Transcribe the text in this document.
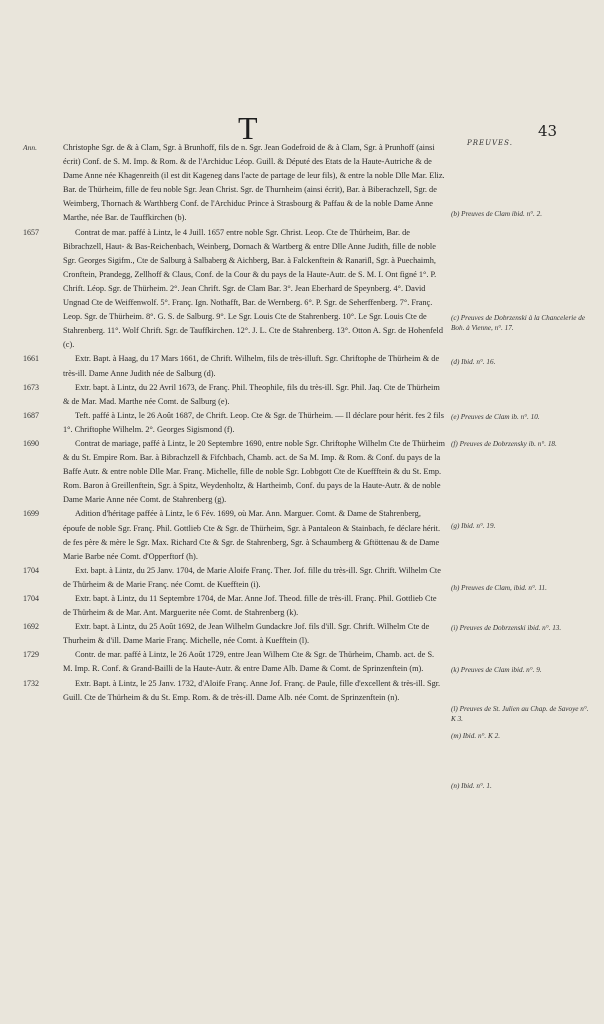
T	43
PREUVES.
Ann.	Christophe Sgr. de & à Clam, Sgr. à Brunhoff, fils de n. Sgr. Jean Godefroid de & à Clam, Sgr. à Prunhoff (ainsi écrit) Conf. de S. M. Imp. & Rom. & de l'Archiduc Léop. Guill. & Député des Etats de la Haute-Autriche & de Dame Anne née Khagenreith (il est dit Kageneg dans l'acte de partage de leur fils), & entre la noble Dlle Mar. Eliz. Bar. de Thürheim, fille de feu noble Sgr. Jean Christ. Sgr. de Thurnheim (ainsi écrit), Bar. à Biberachzell, Sgr. de Weimberg, Thornach & Warthberg Conf. de l'Archiduc Prince à Strasbourg & Paffau & de la noble Dame Anne Marthe, née Bar. de Tauffkirchen (b).
1657	Contrat de mar. paffé à Lintz, le 4 Juill. 1657 entre noble Sgr. Christ. Leop. Cte de Thürheim, Bar. de Bibrachzell, Haut- & Bas-Reichenbach, Weinberg, Dornach & Wartberg & entre Dlle Anne Judith, fille de noble Sgr. Georges Sigifm., Cte de Salburg à Salbaberg & Aichberg, Bar. à Falckenftein & Ranariſl, Sgr. à Puechaimh, Cronftein, Prandegg, Zellhoff & Claus, Conf. de la Cour & du pays de la Haute-Autr. de S. M. I. Ont figné 1°. P. Chrift. Léop. Sgr. de Thürheim. 2°. Jean Chrift. Sgr. de Clam Bar. 3°. Jean Eberhard de Speynberg. 4°. David Ungnad Cte de Weiffenwolf. 5°. Franç. Ign. Nothafft, Bar. de Wernberg. 6°. P. Sgr. de Seherffenberg. 7°. Franç. Leop. Sgr. de Thürheim. 8°. G. S. de Salburg. 9°. Le Sgr. Louis Cte de Stahrenberg. 10°. Le Sgr. Louis Cte de Stahrenberg. 11°. Wolf Chrift. Sgr. de Tauffkirchen. 12°. J. L. Cte de Stahrenberg. 13°. Otton A. Sgr. de Hohenfeld (c).
1661	Extr. Bapt. à Haag, du 17 Mars 1661, de Chrift. Wilhelm, fils de très-illuft. Sgr. Chriftophe de Thürheim & de très-ill. Dame Anne Judith née de Salburg (d).
1673	Extr. bapt. à Lintz, du 22 Avril 1673, de Franç. Phil. Theophile, fils du très-ill. Sgr. Phil. Jaq. Cte de Thürheim & de Mar. Mad. Marthe née Comt. de Salburg (e).
1687	Teft. paffé à Lintz, le 26 Août 1687, de Chrift. Leop. Cte & Sgr. de Thürheim. — Il déclare pour hérit. fes 2 fils 1°. Chriftophe Wilhelm. 2°. Georges Sigismond (f).
1690	Contrat de mariage, paffé à Lintz, le 20 Septembre 1690, entre noble Sgr. Chriftophe Wilhelm Cte de Thürheim & du St. Empire Rom. Bar. à Bibrachzell & Fifchbach, Chamb. act. de Sa M. Imp. & Rom. & Conf. du pays de la Baffe Autr. & entre noble Dlle Mar. Franç. Michelle, fille de noble Sgr. Lobbgott Cte de Kueffftein & du St. Emp. Rom. Baron à Greillenftein, Sgr. à Spitz, Weydenholtz, & Hartheimb, Conf. du pays de la Haute-Autr. & de noble Dame Marie Anne née Comt. de Stahrenberg (g).
1699	Adition d'héritage paffée à Lintz, le 6 Fév. 1699, où Mar. Ann. Marguer. Comt. & Dame de Stahrenberg, époufe de noble Sgr. Franç. Phil. Gottlieb Cte & Sgr. de Thürheim, Sgr. à Pantaleon & Stainbach, fe déclare hérit. de fes père & mère le Sgr. Max. Richard Cte & Sgr. de Stahrenberg, Sgr. à Schaumberg & Gftöttenau & de Dame Marie Barbe née Comt. d'Opperftorf (h).
1704	Ext. bapt. à Lintz, du 25 Janv. 1704, de Marie Aloife Franç. Ther. Jof. fille du très-ill. Sgr. Chrift. Wilhelm Cte de Thürheim & de Marie Franç. née Comt. de Kuefftein (i).
1704	Extr. bapt. à Lintz, du 11 Septembre 1704, de Mar. Anne Jof. Theod. fille de très-ill. Franç. Phil. Gottlieb Cte de Thürheim & de Mar. Ant. Marguerite née Comt. de Stahrenberg (k).
1692	Extr. bapt. à Lintz, du 25 Août 1692, de Jean Wilhelm Gundackre Jof. fils d'ill. Sgr. Chrift. Wilhelm Cte de Thurheim & d'ill. Dame Marie Franç. Michelle, née Comt. à Kuefftein (l).
1729	Contr. de mar. paffé à Lintz, le 26 Août 1729, entre Jean Wilhem Cte & Sgr. de Thürheim, Chamb. act. de S. M. Imp. R. Conf. & Grand-Bailli de la Haute-Autr. & entre Dame Alb. Dame & Comt. de Sprinzenftein (m).
1732	Extr. Bapt. à Lintz, le 25 Janv. 1732, d'Aloife Franç. Anne Jof. Franç. de Paule, fille d'excellent & très-ill. Sgr. Guill. Cte de Thürheim & du St. Emp. Rom. & de très-ill. Dame Alb. née Comt. de Sprinzenftein (n).
(b) Preuves de Clam ibid. n°. 2.
(c) Preuves de Dobrzenski à la Chancelerie de Boh. à Vienne, n°. 17.
(d) Ibid. n°. 16.
(e) Preuves de Clam ib. n°. 10.
(f) Preuves de Dobrzensky ib. n°. 18.
(g) Ibid. n°. 19.
(h) Preuves de Clam, ibid. n°. 11.
(i) Preuves de Dobrzenski ibid. n°. 13.
(k) Preuves de Clam ibid. n°. 9.
(l) Preuves de St. Julien au Chap. de Savoye n°. K 3.
(m) Ibid. n°. K 2.
(n) Ibid. n°. 1.
